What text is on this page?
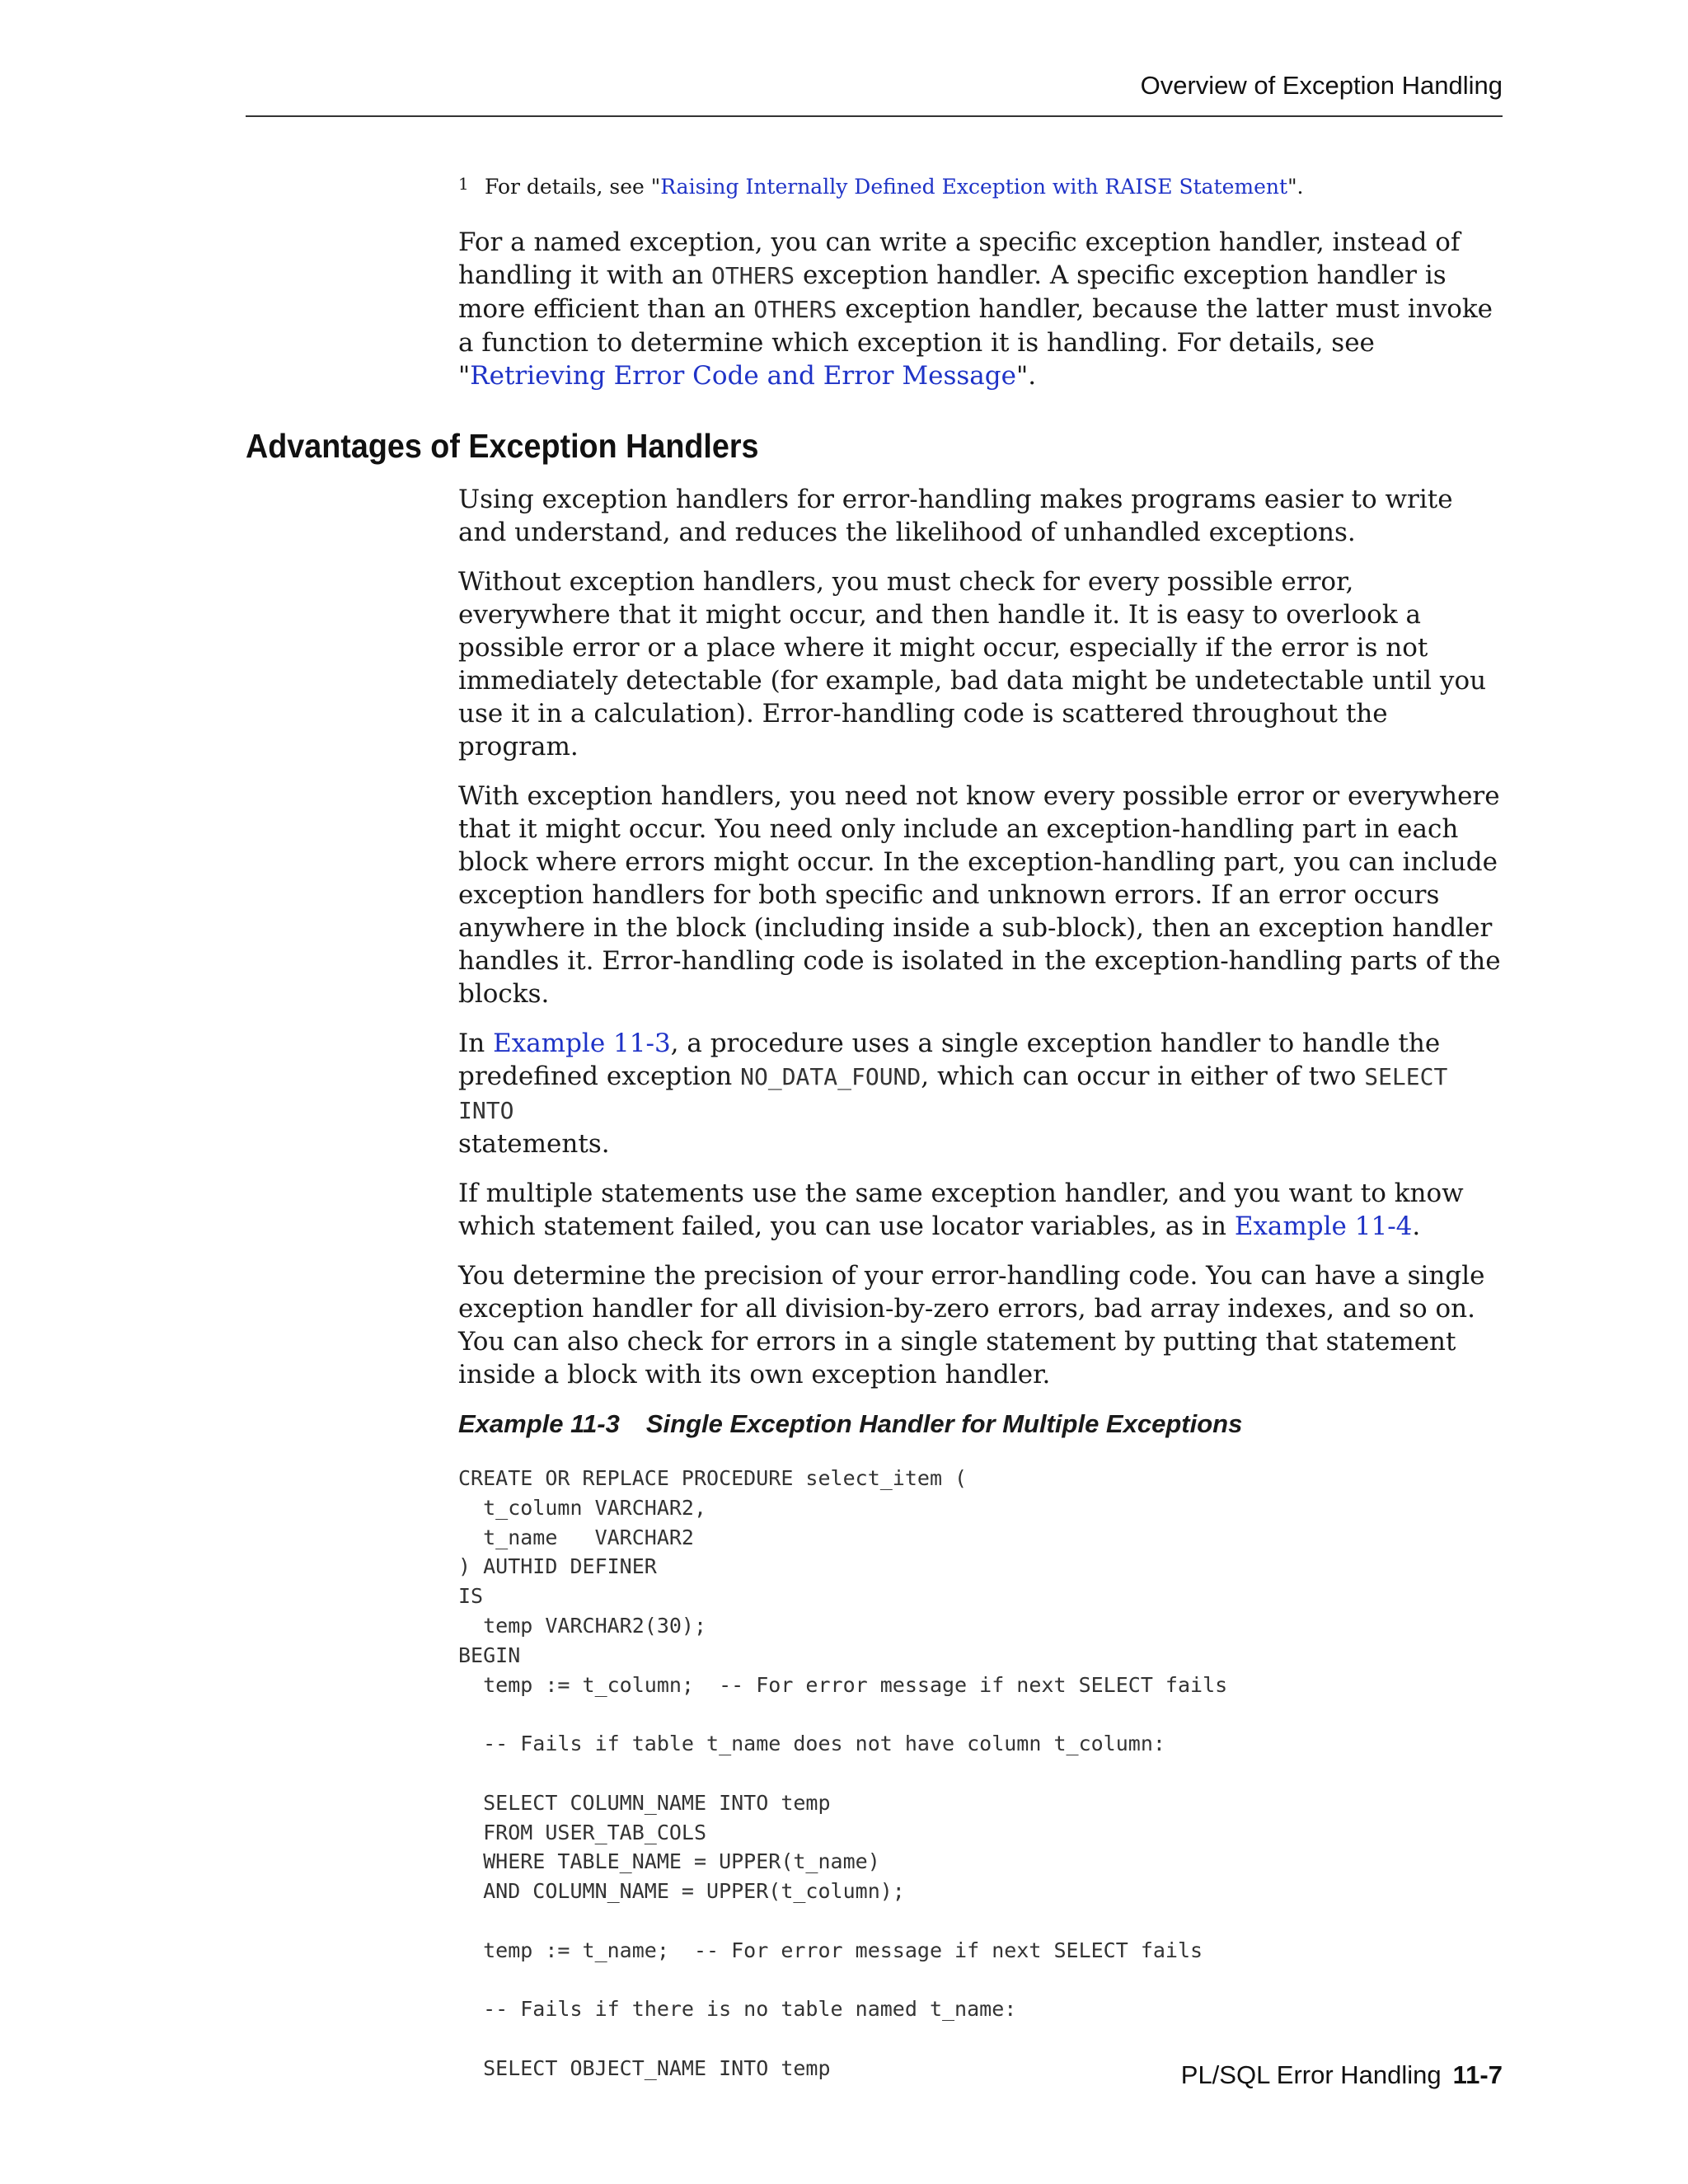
Overview of Exception Handling
1 For details, see "Raising Internally Defined Exception with RAISE Statement".

For a named exception, you can write a specific exception handler, instead of handling it with an OTHERS exception handler. A specific exception handler is more efficient than an OTHERS exception handler, because the latter must invoke a function to determine which exception it is handling. For details, see "Retrieving Error Code and Error Message".

Advantages of Exception Handlers

Using exception handlers for error-handling makes programs easier to write and understand, and reduces the likelihood of unhandled exceptions.

Without exception handlers, you must check for every possible error, everywhere that it might occur, and then handle it. It is easy to overlook a possible error or a place where it might occur, especially if the error is not immediately detectable (for example, bad data might be undetectable until you use it in a calculation). Error-handling code is scattered throughout the program.

With exception handlers, you need not know every possible error or everywhere that it might occur. You need only include an exception-handling part in each block where errors might occur. In the exception-handling part, you can include exception handlers for both specific and unknown errors. If an error occurs anywhere in the block (including inside a sub-block), then an exception handler handles it. Error-handling code is isolated in the exception-handling parts of the blocks.

In Example 11-3, a procedure uses a single exception handler to handle the predefined exception NO_DATA_FOUND, which can occur in either of two SELECT INTO
statements.

If multiple statements use the same exception handler, and you want to know which statement failed, you can use locator variables, as in Example 11-4.

You determine the precision of your error-handling code. You can have a single exception handler for all division-by-zero errors, bad array indexes, and so on. You can also check for errors in a single statement by putting that statement inside a block with its own exception handler.

Example 11-3 Single Exception Handler for Multiple Exceptions
CREATE OR REPLACE PROCEDURE select_item (
t_column VARCHAR2,
t_name   VARCHAR2
) AUTHID DEFINER
IS
temp VARCHAR2(30);
BEGIN
temp := t_column;  -- For error message if next SELECT fails

-- Fails if table t_name does not have column t_column:

SELECT COLUMN_NAME INTO temp
FROM USER_TAB_COLS
WHERE TABLE_NAME = UPPER(t_name)
AND COLUMN_NAME = UPPER(t_column);

temp := t_name;  -- For error message if next SELECT fails

-- Fails if there is no table named t_name:

SELECT OBJECT_NAME INTO temp	PL/SQL Error Handling 11-7
